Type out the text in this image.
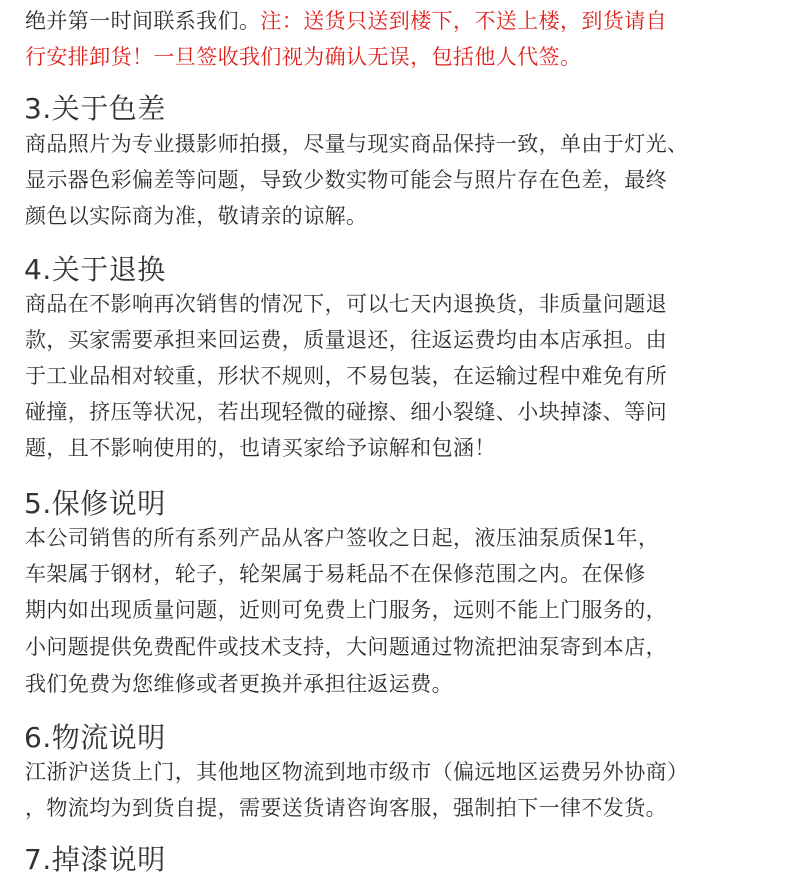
绝并第一时间联系我们。注：送货只送到楼下，不送上楼，到货请自
行安排卸货！一旦签收我们视为确认无误，包括他人代签。
3.关于色差
商品照片为专业摄影师拍摄，尽量与现实商品保持一致，单由于灯光、
显示器色彩偏差等问题，导致少数实物可能会与照片存在色差，最终
颜色以实际商为准，敬请亲的谅解。
4.关于退换
商品在不影响再次销售的情况下，可以七天内退换货，非质量问题退
款，买家需要承担来回运费，质量退还，往返运费均由本店承担。由
于工业品相对较重，形状不规则，不易包装，在运输过程中难免有所
碰撞，挤压等状况，若出现轻微的碰擦、细小裂缝、小块掉漆、等问
题，且不影响使用的，也请买家给予谅解和包涵！
5.保修说明
本公司销售的所有系列产品从客户签收之日起，液压油泵质保1年，
车架属于钢材，轮子，轮架属于易耗品不在保修范围之内。在保修
期内如出现质量问题，近则可免费上门服务，远则不能上门服务的，
小问题提供免费配件或技术支持，大问题通过物流把油泵寄到本店，
我们免费为您维修或者更换并承担往返运费。
6.物流说明
江浙沪送货上门，其他地区物流到地市级市（偏远地区运费另外协商）
，物流均为到货自提，需要送货请咨询客服，强制拍下一律不发货。
7.掉漆说明
